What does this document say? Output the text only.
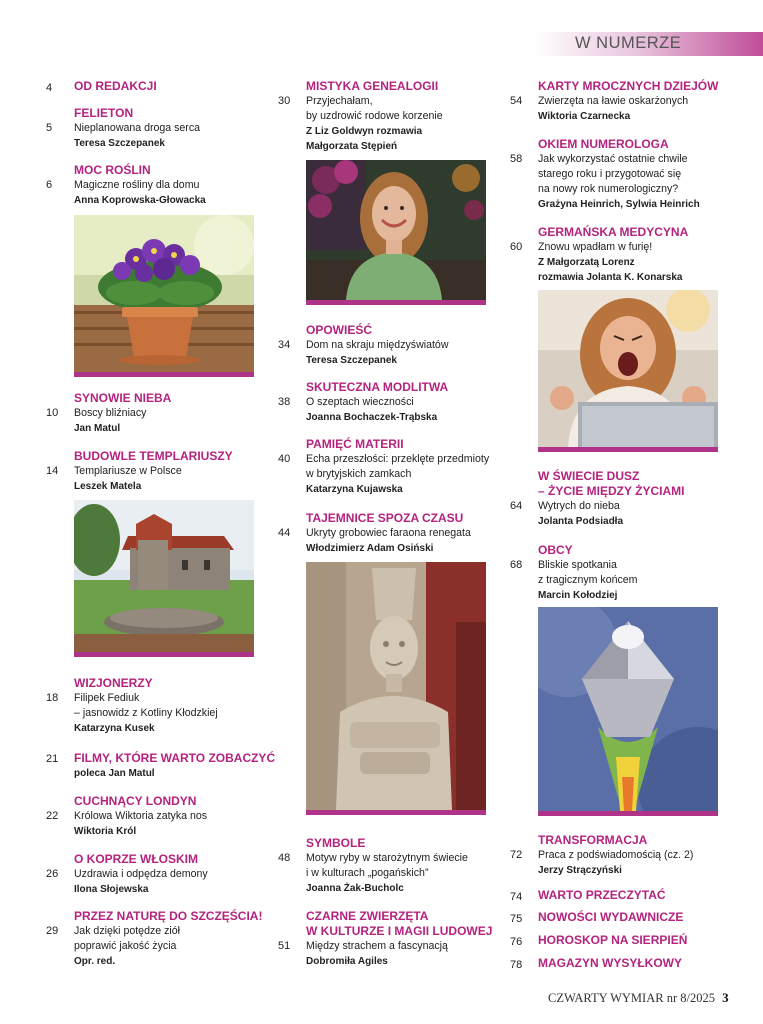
W NUMERZE
4 OD REDAKCJI
FELIETON
5 Nieplanowana droga serca
Teresa Szczepanek
MOC ROŚLIN
6 Magiczne rośliny dla domu
Anna Koprowska-Głowacka
SYNOWIE NIEBA
10 Boscy bliźniacy
Jan Matul
BUDOWLE TEMPLARIUSZY
14 Templariusze w Polsce
Leszek Matela
WIZJONERZY
18 Filipek Fediuk
– jasnowidz z Kotliny Kłodzkiej
Katarzyna Kusek
FILMY, KTÓRE WARTO ZOBACZYĆ
21
poleca Jan Matul
CUCHNĄCY LONDYN
22 Królowa Wiktoria zatyka nos
Wiktoria Król
O KOPRZE WŁOSKIM
26 Uzdrawia i odpędza demony
Ilona Słojewska
PRZEZ NATURĘ DO SZCZĘŚCIA!
29 Jak dzięki potędze ziół
poprawić jakość życia
Opr. red.
MISTYKA GENEALOGII
30 Przyjechałam,
by uzdrowić rodowe korzenie
Z Liz Goldwyn rozmawia
Małgorzata Stępień
OPOWIEŚĆ
34 Dom na skraju międzyświatów
Teresa Szczepanek
SKUTECZNA MODLITWA
38 O szeptach wieczności
Joanna Bochaczek-Trąbska
PAMIĘĆ MATERII
40 Echa przeszłości: przeklęte przedmioty
w brytyjskich zamkach
Katarzyna Kujawska
TAJEMNICE SPOZA CZASU
44 Ukryty grobowiec faraona renegata
Włodzimierz Adam Osiński
SYMBOLE
48 Motyw ryby w starożytnym świecie
i w kulturach „pogańskich”
Joanna Żak-Bucholc
CZARNE ZWIERZĘTA
W KULTURZE I MAGII LUDOWEJ
51 Między strachem a fascynacją
Dobromiła Agiles
KARTY MROCZNYCH DZIEJÓW
54 Zwierzęta na ławie oskarżonych
Wiktoria Czarnecka
OKIEM NUMEROLOGA
58 Jak wykorzystać ostatnie chwile
starego roku i przygotować się
na nowy rok numerologiczny?
Grażyna Heinrich, Sylwia Heinrich
GERMAŃSKA MEDYCYNA
60 Znowu wpadłam w furię!
Z Małgorzatą Lorenz
rozmawia Jolanta K. Konarska
W ŚWIECIE DUSZ
– ŻYCIE MIĘDZY ŻYCIAMI
64 Wytrych do nieba
Jolanta Podsiadła
OBCY
68 Bliskie spotkania
z tragicznym końcem
Marcin Kołodziej
TRANSFORMACJA
72 Praca z podświadomością (cz. 2)
Jerzy Strączyński
74 WARTO PRZECZYTAĆ
75 NOWOŚCI WYDAWNICZE
76 HOROSKOP NA SIERPIEŃ
78 MAGAZYN WYSYŁKOWY
CZWARTY WYMIAR nr 8/2025 3
